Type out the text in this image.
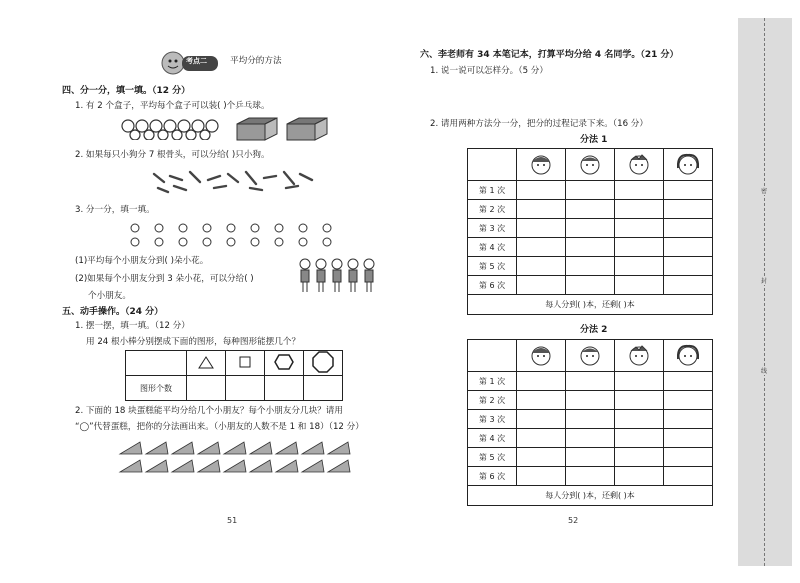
考点二	平均分的方法
四、分一分，填一填。（12 分）
1. 有 2 个盒子，平均每个盒子可以装( )个乒乓球。
2. 如果每只小狗分 7 根骨头，可以分给( )只小狗。
3. 分一分，填一填。
(1)平均每个小朋友分到( )朵小花。
(2)如果每个小朋友分到 3 朵小花，可以分给( )
个小朋友。
五、动手操作。（24 分）
1. 摆一摆，填一填。（12 分）
用 24 根小棒分别摆成下面的图形，每种图形能摆几个？

图形个数				
2. 下面的 18 块蛋糕能平均分给几个小朋友？每个小朋友分几块？请用
“◯”代替蛋糕，把你的分法画出来。（小朋友的人数不是 1 和 18）（12 分）
51
六、李老师有 34 本笔记本，打算平均分给 4 名同学。（21 分）
1. 说一说可以怎样分。（5 分）
2. 请用两种方法分一分，把分的过程记录下来。（16 分）
分法 1

第 1 次				
第 2 次				
第 3 次				
第 4 次				
第 5 次				
第 6 次				
每人分到( )本，还剩( )本				
分法 2

第 1 次				
第 2 次				
第 3 次				
第 4 次				
第 5 次				
第 6 次				
每人分到( )本，还剩( )本				
52
密
封
线
